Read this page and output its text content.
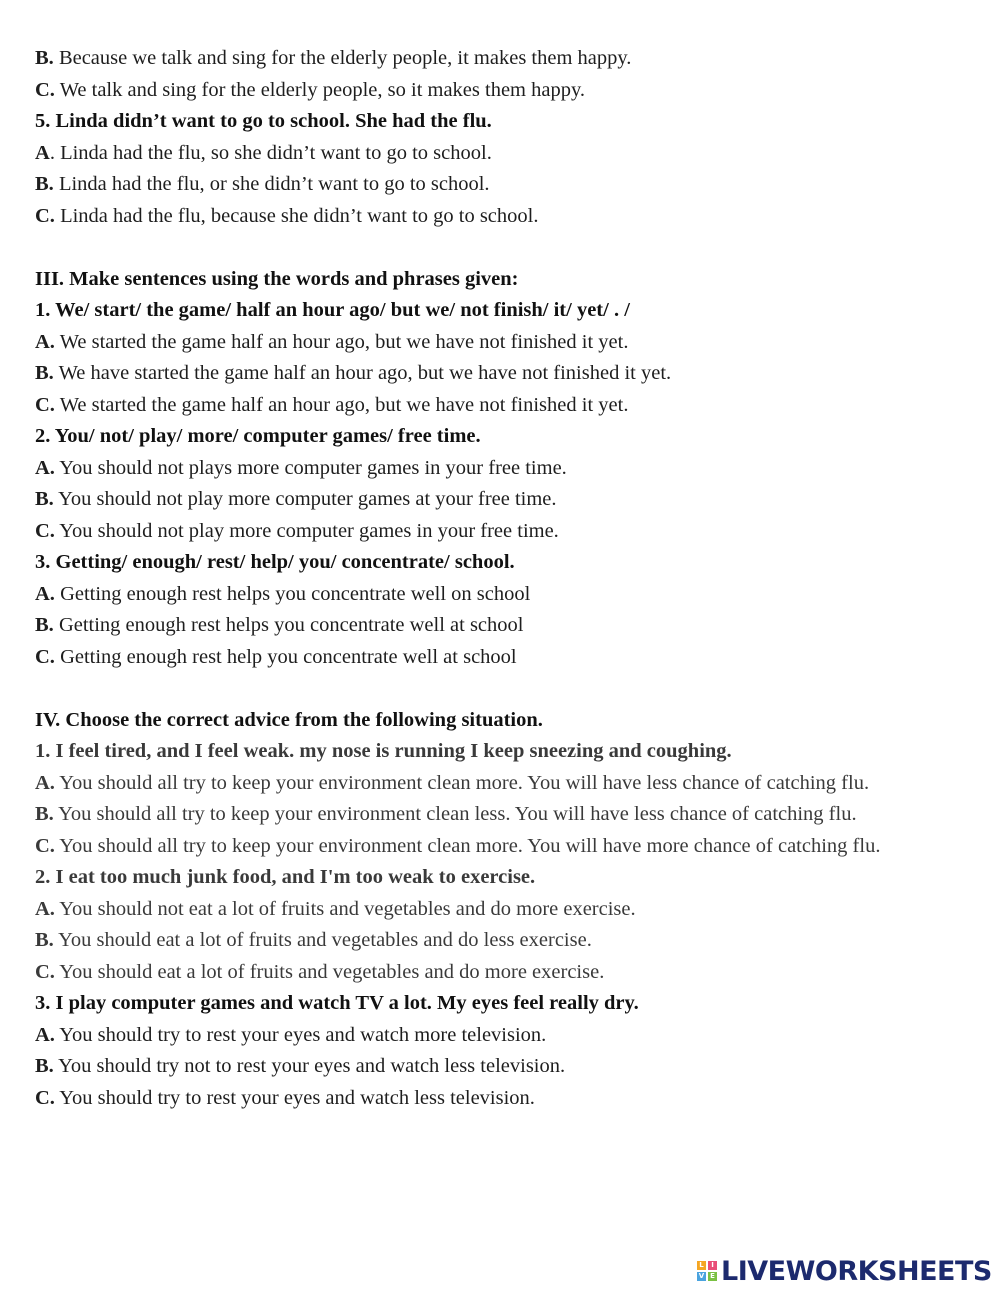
B. Because we talk and sing for the elderly people, it makes them happy.
C. We talk and sing for the elderly people, so it makes them happy.
5. Linda didn’t want to go to school. She had the flu.
A. Linda had the flu, so she didn’t want to go to school.
B. Linda had the flu, or she didn’t want to go to school.
C. Linda had the flu, because she didn’t want to go to school.
III. Make sentences using the words and phrases given:
1. We/ start/ the game/ half an hour ago/ but we/ not finish/ it/ yet/ . /
A. We started the game half an hour ago, but we have not finished it yet.
B. We have started the game half an hour ago, but we have not finished it yet.
C. We started the game half an hour ago, but we have not finished it yet.
2. You/ not/ play/ more/ computer games/ free time.
A. You should not plays more computer games in your free time.
B. You should not play more computer games at your free time.
C. You should not play more computer games in your free time.
3. Getting/ enough/ rest/ help/ you/ concentrate/ school.
A. Getting enough rest helps you concentrate well on school
B. Getting enough rest helps you concentrate well at school
C. Getting enough rest help you concentrate well at school
IV. Choose the correct advice from the following situation.
1. I feel tired, and I feel weak. my nose is running I keep sneezing and coughing.
A. You should all try to keep your environment clean more. You will have less chance of catching flu.
B. You should all try to keep your environment clean less. You will have less chance of catching flu.
C. You should all try to keep your environment clean more. You will have more chance of catching flu.
2. I eat too much junk food, and I'm too weak to exercise.
A. You should not eat a lot of fruits and vegetables and do more exercise.
B. You should eat a lot of fruits and vegetables and do less exercise.
C. You should eat a lot of fruits and vegetables and do more exercise.
3. I play computer games and watch TV a lot. My eyes feel really dry.
A. You should try to rest your eyes and watch more television.
B. You should try not to rest your eyes and watch less television.
C. You should try to rest your eyes and watch less television.
L	I
V E LIVEWORKSHEETS
